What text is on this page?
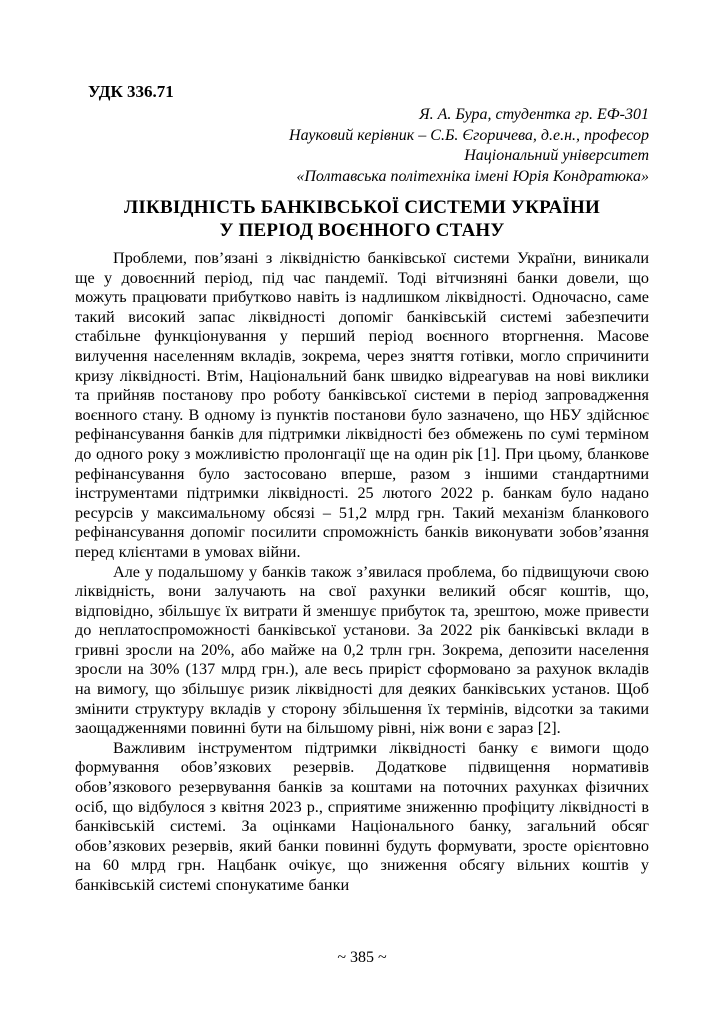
УДК 336.71
Я. А. Бура, студентка гр. ЕФ-301
Науковий керівник – С.Б. Єгоричева, д.е.н., професор
Національний університет
«Полтавська політехніка імені Юрія Кондратюка»
ЛІКВІДНІСТЬ БАНКІВСЬКОЇ СИСТЕМИ УКРАЇНИ
У ПЕРІОД ВОЄННОГО СТАНУ

Проблеми, пов’язані з ліквідністю банківської системи України, виникали ще у довоєнний період, під час пандемії. Тоді вітчизняні банки довели, що можуть працювати прибутково навіть із надлишком ліквідності. Одночасно, саме такий високий запас ліквідності допоміг банківській системі забезпечити стабільне функціонування у перший період воєнного вторгнення. Масове вилучення населенням вкладів, зокрема, через зняття готівки, могло спричинити кризу ліквідності. Втім, Національний банк швидко відреагував на нові виклики та прийняв постанову про роботу банківської системи в період запровадження воєнного стану. В одному із пунктів постанови було зазначено, що НБУ здійснює рефінансування банків для підтримки ліквідності без обмежень по сумі терміном до одного року з можливістю пролонгації ще на один рік [1]. При цьому, бланкове рефінансування було застосовано вперше, разом з іншими стандартними інструментами підтримки ліквідності. 25 лютого 2022 р. банкам було надано ресурсів у максимальному обсязі – 51,2 млрд грн. Такий механізм бланкового рефінансування допоміг посилити спроможність банків виконувати зобов’язання перед клієнтами в умовах війни.

Але у подальшому у банків також з’явилася проблема, бо підвищуючи свою ліквідність, вони залучають на свої рахунки великий обсяг коштів, що, відповідно, збільшує їх витрати й зменшує прибуток та, зрештою, може привести до неплатоспроможності банківської установи. За 2022 рік банківські вклади в гривні зросли на 20%, або майже на 0,2 трлн грн. Зокрема, депозити населення зросли на 30% (137 млрд грн.), але весь приріст сформовано за рахунок вкладів на вимогу, що збільшує ризик ліквідності для деяких банківських установ. Щоб змінити структуру вкладів у сторону збільшення їх термінів, відсотки за такими заощадженнями повинні бути на більшому рівні, ніж вони є зараз [2].

Важливим інструментом підтримки ліквідності банку є вимоги щодо формування обов’язкових резервів. Додаткове підвищення нормативів обов’язкового резервування банків за коштами на поточних рахунках фізичних осіб, що відбулося з квітня 2023 р., сприятиме зниженню профіциту ліквідності в банківській системі. За оцінками Національного банку, загальний обсяг обов’язкових резервів, який банки повинні будуть формувати, зросте орієнтовно на 60 млрд грн. Нацбанк очікує, що зниження обсягу вільних коштів у банківській системі спонукатиме банки

~ 385 ~
